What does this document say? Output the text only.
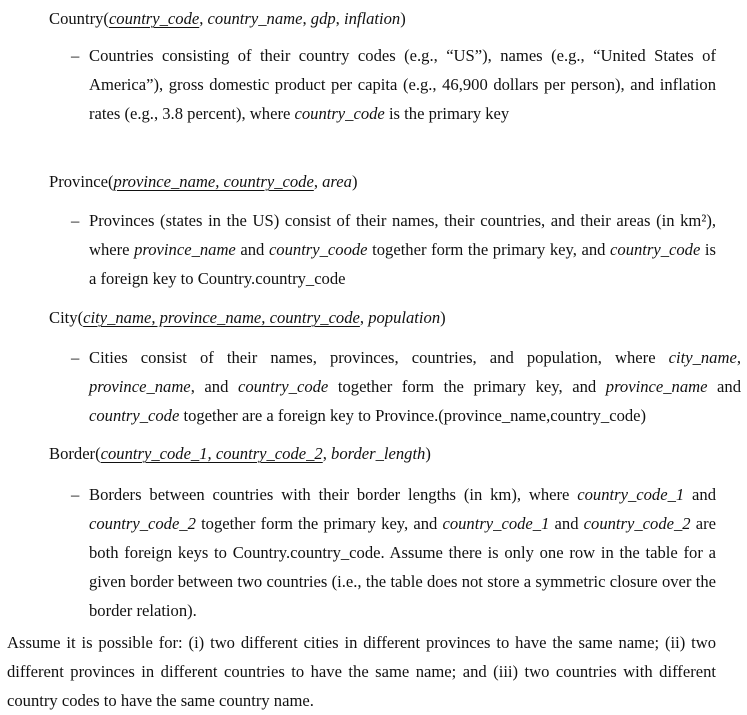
Country(country_code, country_name, gdp, inflation)
– Countries consisting of their country codes (e.g., “US”), names (e.g., “United States of America”), gross domestic product per capita (e.g., 46,900 dollars per person), and inflation rates (e.g., 3.8 percent), where country_code is the primary key
Province(province_name, country_code, area)
– Provinces (states in the US) consist of their names, their countries, and their areas (in km²), where province_name and country_coode together form the primary key, and country_code is a foreign key to Country.country_code
City(city_name, province_name, country_code, population)
– Cities consist of their names, provinces, countries, and population, where city_name, province_name, and country_code together form the primary key, and province_name and country_code together are a foreign key to Province.(province_name,country_code)
Border(country_code_1, country_code_2, border_length)
– Borders between countries with their border lengths (in km), where country_code_1 and country_code_2 together form the primary key, and country_code_1 and country_code_2 are both foreign keys to Country.country_code. Assume there is only one row in the table for a given border between two countries (i.e., the table does not store a symmetric closure over the border relation).
Assume it is possible for: (i) two different cities in different provinces to have the same name; (ii) two different provinces in different countries to have the same name; and (iii) two countries with different country codes to have the same country name.
